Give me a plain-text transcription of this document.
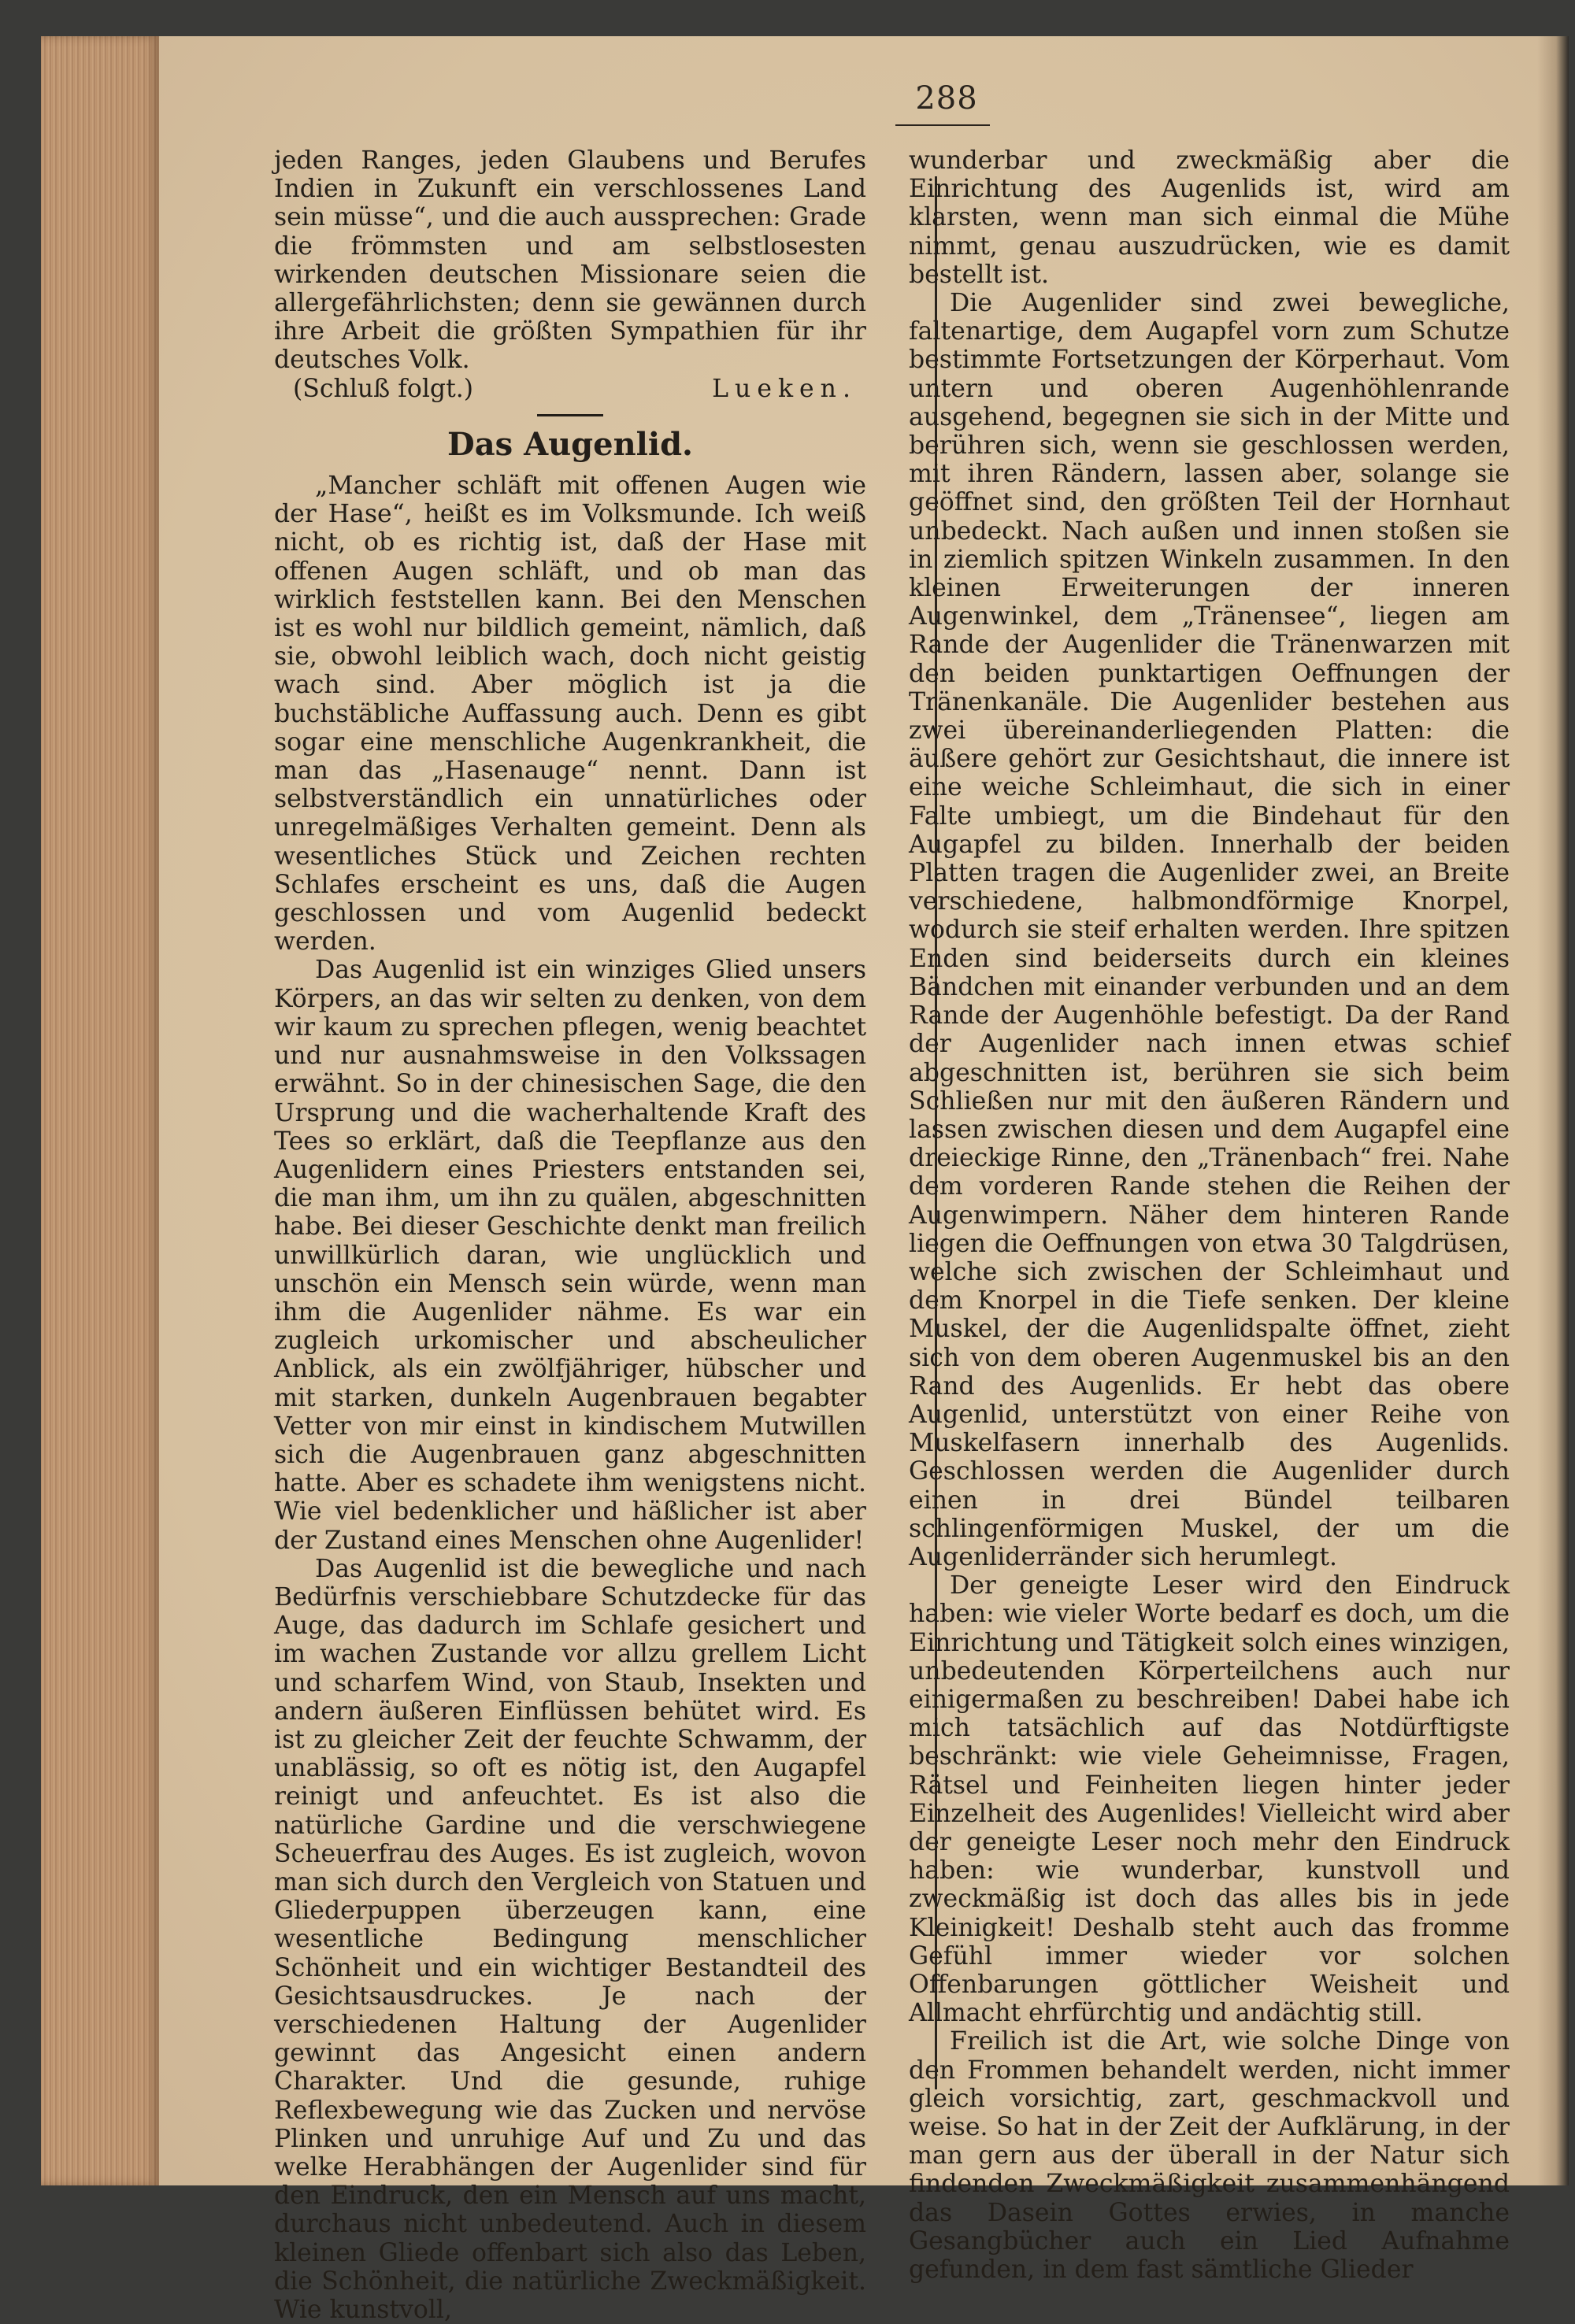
288

jeden Ranges, jeden Glaubens und Berufes Indien in Zukunft ein verschlossenes Land sein müsse“, und die auch aussprechen: Grade die frömmsten und am selbstlosesten wirkenden deutschen Missionare seien die allergefährlichsten; denn sie gewännen durch ihre Arbeit die größten Sympathien für ihr deutsches Volk.

(Schluß folgt.)	Lueken.
Das Augenlid.

„Mancher schläft mit offenen Augen wie der Hase“, heißt es im Volksmunde. Ich weiß nicht, ob es richtig ist, daß der Hase mit offenen Augen schläft, und ob man das wirklich feststellen kann. Bei den Menschen ist es wohl nur bildlich gemeint, nämlich, daß sie, obwohl leiblich wach, doch nicht geistig wach sind. Aber möglich ist ja die buchstäbliche Auffassung auch. Denn es gibt sogar eine menschliche Augenkrankheit, die man das „Hasenauge“ nennt. Dann ist selbstverständlich ein unnatürliches oder unregelmäßiges Verhalten gemeint. Denn als wesentliches Stück und Zeichen rechten Schlafes erscheint es uns, daß die Augen geschlossen und vom Augenlid bedeckt werden.

Das Augenlid ist ein winziges Glied unsers Körpers, an das wir selten zu denken, von dem wir kaum zu sprechen pflegen, wenig beachtet und nur ausnahmsweise in den Volkssagen erwähnt. So in der chinesischen Sage, die den Ursprung und die wacherhaltende Kraft des Tees so erklärt, daß die Teepflanze aus den Augenlidern eines Priesters entstanden sei, die man ihm, um ihn zu quälen, abgeschnitten habe. Bei dieser Geschichte denkt man freilich unwillkürlich daran, wie unglücklich und unschön ein Mensch sein würde, wenn man ihm die Augenlider nähme. Es war ein zugleich urkomischer und abscheulicher Anblick, als ein zwölfjähriger, hübscher und mit starken, dunkeln Augenbrauen begabter Vetter von mir einst in kindischem Mutwillen sich die Augenbrauen ganz abgeschnitten hatte. Aber es schadete ihm wenigstens nicht. Wie viel bedenklicher und häßlicher ist aber der Zustand eines Menschen ohne Augenlider!

Das Augenlid ist die bewegliche und nach Bedürfnis verschiebbare Schutzdecke für das Auge, das dadurch im Schlafe gesichert und im wachen Zustande vor allzu grellem Licht und scharfem Wind, von Staub, Insekten und andern äußeren Einflüssen behütet wird. Es ist zu gleicher Zeit der feuchte Schwamm, der unablässig, so oft es nötig ist, den Augapfel reinigt und anfeuchtet. Es ist also die natürliche Gardine und die verschwiegene Scheuerfrau des Auges. Es ist zugleich, wovon man sich durch den Vergleich von Statuen und Gliederpuppen überzeugen kann, eine wesentliche Bedingung menschlicher Schönheit und ein wichtiger Bestandteil des Gesichtsausdruckes. Je nach der verschiedenen Haltung der Augenlider gewinnt das Angesicht einen andern Charakter. Und die gesunde, ruhige Reflexbewegung wie das Zucken und nervöse Plinken und unruhige Auf und Zu und das welke Herabhängen der Augenlider sind für den Eindruck, den ein Mensch auf uns macht, durchaus nicht unbedeutend. Auch in diesem kleinen Gliede offenbart sich also das Leben, die Schönheit, die natürliche Zweckmäßigkeit. Wie kunstvoll,

wunderbar und zweckmäßig aber die Einrichtung des Augenlids ist, wird am klarsten, wenn man sich einmal die Mühe nimmt, genau auszudrücken, wie es damit bestellt ist.

Die Augenlider sind zwei bewegliche, faltenartige, dem Augapfel vorn zum Schutze bestimmte Fortsetzungen der Körperhaut. Vom untern und oberen Augenhöhlenrande ausgehend, begegnen sie sich in der Mitte und berühren sich, wenn sie geschlossen werden, mit ihren Rändern, lassen aber, solange sie geöffnet sind, den größten Teil der Hornhaut unbedeckt. Nach außen und innen stoßen sie in ziemlich spitzen Winkeln zusammen. In den kleinen Erweiterungen der inneren Augenwinkel, dem „Tränensee“, liegen am Rande der Augenlider die Tränenwarzen mit den beiden punktartigen Oeffnungen der Tränenkanäle. Die Augenlider bestehen aus zwei übereinanderliegenden Platten: die äußere gehört zur Gesichtshaut, die innere ist eine weiche Schleimhaut, die sich in einer Falte umbiegt, um die Bindehaut für den Augapfel zu bilden. Innerhalb der beiden Platten tragen die Augenlider zwei, an Breite verschiedene, halbmondförmige Knorpel, wodurch sie steif erhalten werden. Ihre spitzen Enden sind beiderseits durch ein kleines Bändchen mit einander verbunden und an dem Rande der Augenhöhle befestigt. Da der Rand der Augenlider nach innen etwas schief abgeschnitten ist, berühren sie sich beim Schließen nur mit den äußeren Rändern und lassen zwischen diesen und dem Augapfel eine dreieckige Rinne, den „Tränenbach“ frei. Nahe dem vorderen Rande stehen die Reihen der Augenwimpern. Näher dem hinteren Rande liegen die Oeffnungen von etwa 30 Talgdrüsen, welche sich zwischen der Schleimhaut und dem Knorpel in die Tiefe senken. Der kleine Muskel, der die Augenlidspalte öffnet, zieht sich von dem oberen Augenmuskel bis an den Rand des Augenlids. Er hebt das obere Augenlid, unterstützt von einer Reihe von Muskelfasern innerhalb des Augenlids. Geschlossen werden die Augenlider durch einen in drei Bündel teilbaren schlingenförmigen Muskel, der um die Augenliderränder sich herumlegt.

Der geneigte Leser wird den Eindruck haben: wie vieler Worte bedarf es doch, um die Einrichtung und Tätigkeit solch eines winzigen, unbedeutenden Körperteilchens auch nur einigermaßen zu beschreiben! Dabei habe ich mich tatsächlich auf das Notdürftigste beschränkt: wie viele Geheimnisse, Fragen, Rätsel und Feinheiten liegen hinter jeder Einzelheit des Augenlides! Vielleicht wird aber der geneigte Leser noch mehr den Eindruck haben: wie wunderbar, kunstvoll und zweckmäßig ist doch das alles bis in jede Kleinigkeit! Deshalb steht auch das fromme Gefühl immer wieder vor solchen Offenbarungen göttlicher Weisheit und Allmacht ehrfürchtig und andächtig still.

Freilich ist die Art, wie solche Dinge von den Frommen behandelt werden, nicht immer gleich vorsichtig, zart, geschmackvoll und weise. So hat in der Zeit der Aufklärung, in der man gern aus der überall in der Natur sich findenden Zweckmäßigkeit zusammenhängend das Dasein Gottes erwies, in manche Gesangbücher auch ein Lied Aufnahme gefunden, in dem fast sämtliche Glieder
